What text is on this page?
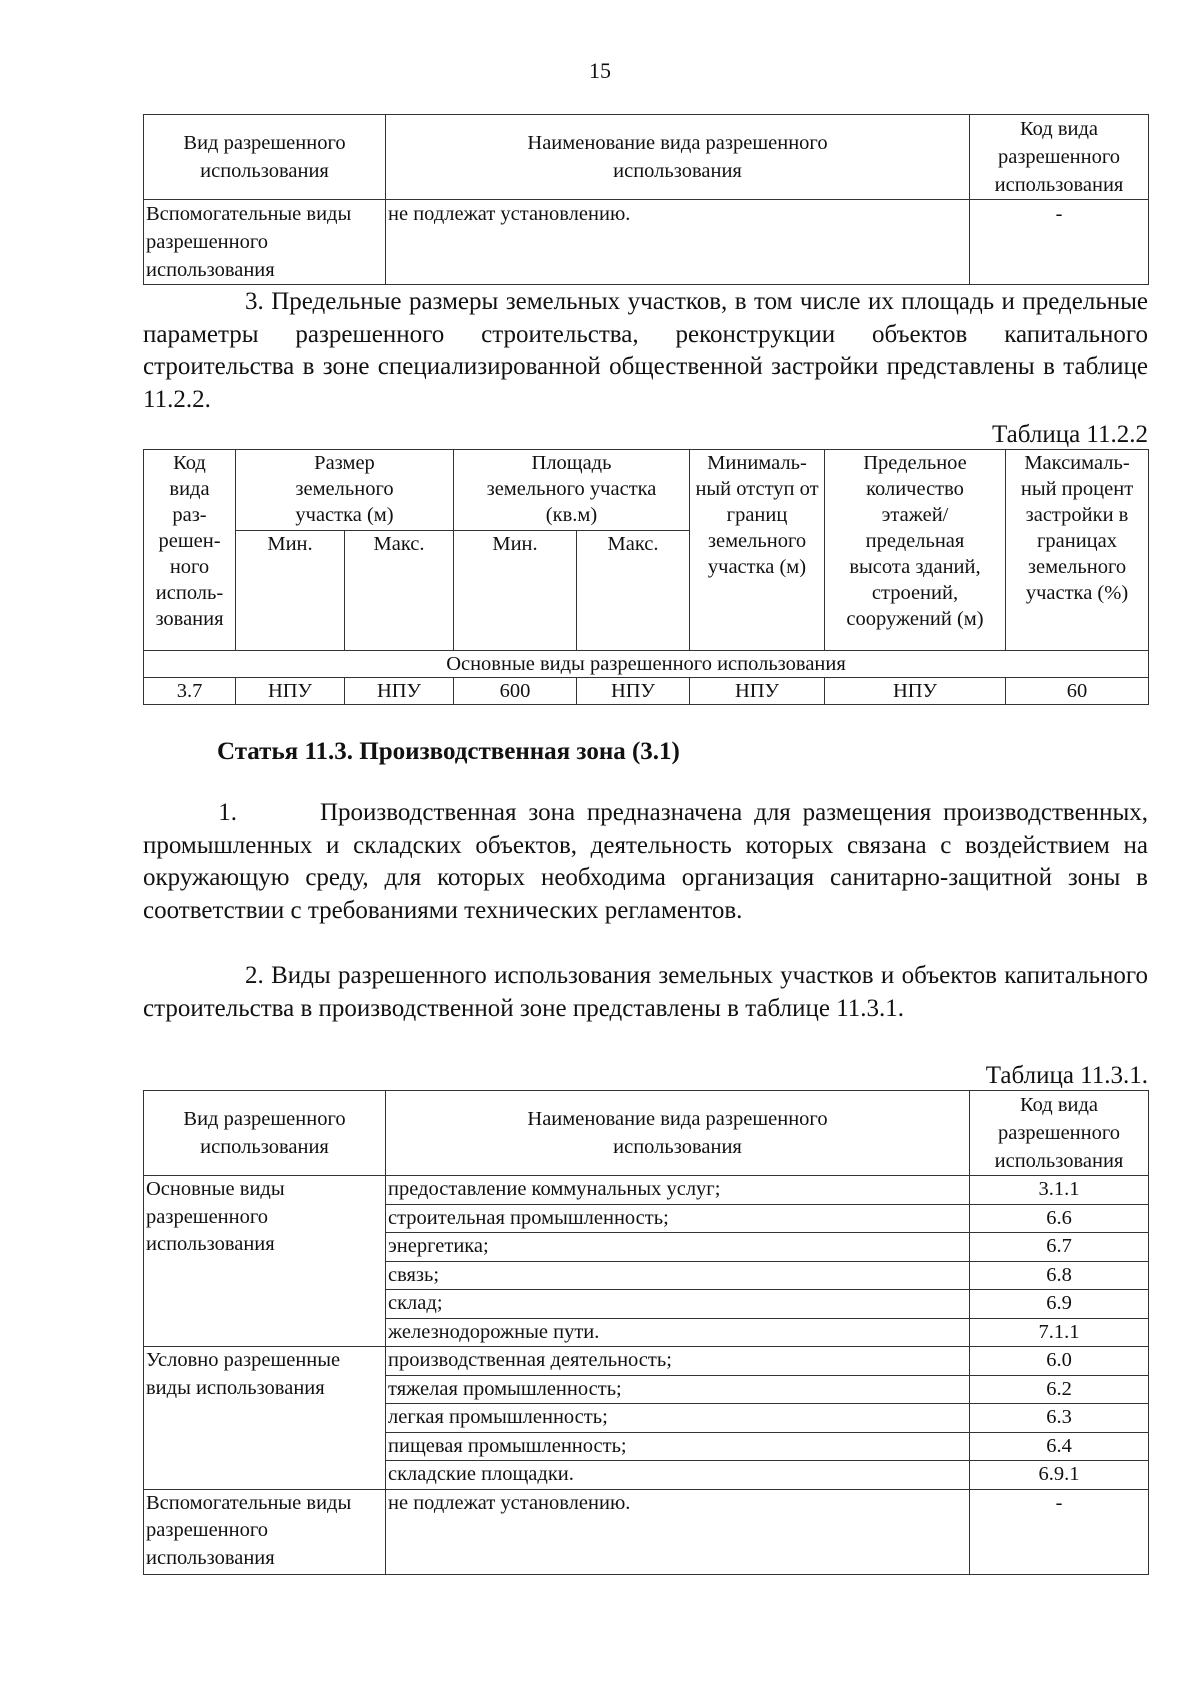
15
Вид разрешенного использования	Наименование вида разрешенного использования	Код вида разрешенного использования
Вспомогательные виды разрешенного использования	не подлежат установлению.	-

3. Предельные размеры земельных участков, в том числе их площадь и предельные параметры разрешенного строительства, реконструкции объектов капитального строительства в зоне специализированной общественной застройки представлены в таблице 11.2.2.

Таблица 11.2.2
Код вида раз-решен-ного исполь-зования	Размер земельного участка (м)		Площадь земельного участка (кв.м)		Минималь-ный отступ от границ земельного участка (м)	Предельное количество этажей/ предельная высота зданий, строений, сооружений (м)	Максималь-ный процент застройки в границах земельного участка (%)
	Мин.	Макс.	Мин.	Макс.			
Основные виды разрешенного использования							
3.7	НПУ	НПУ	600	НПУ	НПУ	НПУ	60
Статья 11.3. Производственная зона (3.1)

1.	Производственная зона предназначена для размещения производственных, промышленных и складских объектов, деятельность которых связана с воздействием на окружающую среду, для которых необходима организация санитарно-защитной зоны в соответствии с требованиями технических регламентов.

2. Виды разрешенного использования земельных участков и объектов капитального строительства в производственной зоне представлены в таблице 11.3.1.

Таблица 11.3.1.
Вид разрешенного использования	Наименование вида разрешенного использования	Код вида разрешенного использования
Основные виды разрешенного использования	предоставление коммунальных услуг;	3.1.1
	строительная промышленность;	6.6
	энергетика;	6.7
	связь;	6.8
	склад;	6.9
	железнодорожные пути.	7.1.1
Условно разрешенные виды использования	производственная деятельность;	6.0
	тяжелая промышленность;	6.2
	легкая промышленность;	6.3
	пищевая промышленность;	6.4
	складские площадки.	6.9.1
Вспомогательные виды разрешенного использования	не подлежат установлению.	-
